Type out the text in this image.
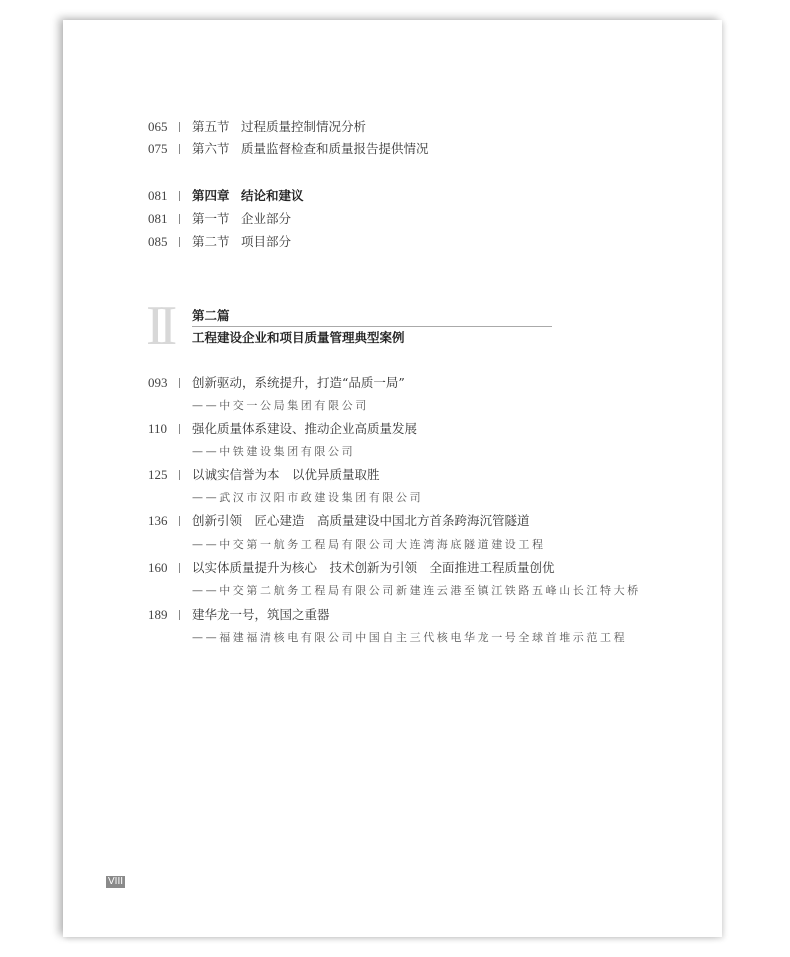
065 第五节 过程质量控制情况分析
075 第六节 质量监督检查和质量报告提供情况
081 第四章 结论和建议
081 第一节 企业部分
085 第二节 项目部分
II 第二篇
工程建设企业和项目质量管理典型案例
093 创新驱动，系统提升，打造“品质一局”
——中交一公局集团有限公司
110 强化质量体系建设、推动企业高质量发展
——中铁建设集团有限公司
125 以诚实信誉为本　以优异质量取胜
——武汉市汉阳市政建设集团有限公司
136 创新引领　匠心建造　高质量建设中国北方首条跨海沉管隧道
——中交第一航务工程局有限公司大连湾海底隧道建设工程
160 以实体质量提升为核心　技术创新为引领　全面推进工程质量创优
——中交第二航务工程局有限公司新建连云港至镇江铁路五峰山长江特大桥
189 建华龙一号，筑国之重器
——福建福清核电有限公司中国自主三代核电华龙一号全球首堆示范工程
VIII
